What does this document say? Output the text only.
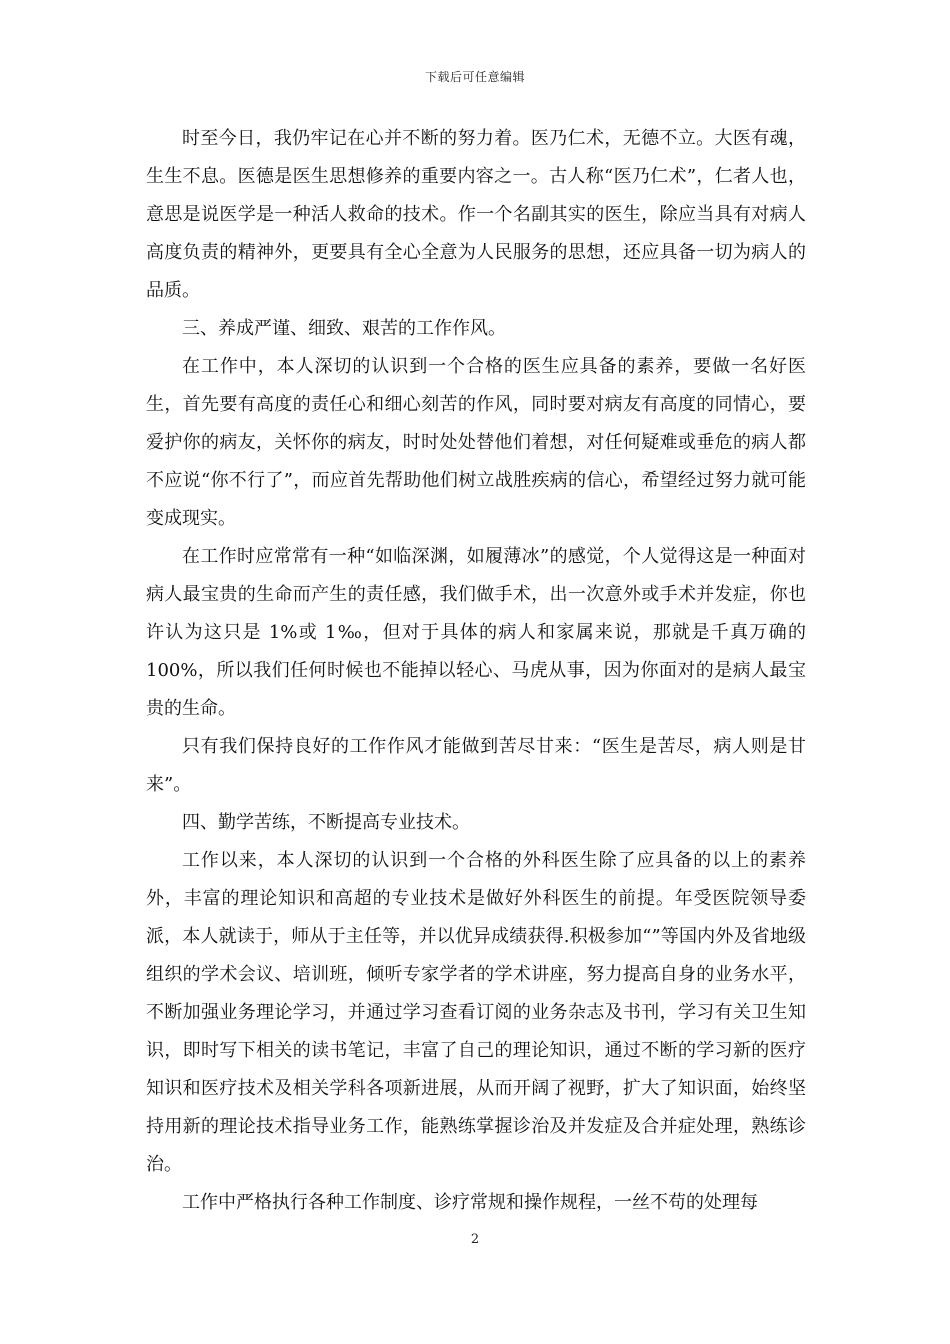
下载后可任意编辑

时至今日，我仍牢记在心并不断的努力着。医乃仁术，无德不立。大医有魂，生生不息。医德是医生思想修养的重要内容之一。古人称“医乃仁术”，仁者人也，意思是说医学是一种活人救命的技术。作一个名副其实的医生，除应当具有对病人高度负责的精神外，更要具有全心全意为人民服务的思想，还应具备一切为病人的品质。

三、养成严谨、细致、艰苦的工作作风。

在工作中，本人深切的认识到一个合格的医生应具备的素养，要做一名好医生，首先要有高度的责任心和细心刻苦的作风，同时要对病友有高度的同情心，要爱护你的病友，关怀你的病友，时时处处替他们着想，对任何疑难或垂危的病人都不应说“你不行了”，而应首先帮助他们树立战胜疾病的信心，希望经过努力就可能变成现实。

在工作时应常常有一种“如临深渊，如履薄冰”的感觉，个人觉得这是一种面对病人最宝贵的生命而产生的责任感，我们做手术，出一次意外或手术并发症，你也许认为这只是 1%或 1‰，但对于具体的病人和家属来说，那就是千真万确的 100%，所以我们任何时候也不能掉以轻心、马虎从事，因为你面对的是病人最宝贵的生命。

只有我们保持良好的工作作风才能做到苦尽甘来：“医生是苦尽，病人则是甘来”。

四、勤学苦练，不断提高专业技术。

工作以来，本人深切的认识到一个合格的外科医生除了应具备的以上的素养外，丰富的理论知识和高超的专业技术是做好外科医生的前提。年受医院领导委派，本人就读于，师从于主任等，并以优异成绩获得.积极参加“”等国内外及省地级组织的学术会议、培训班，倾听专家学者的学术讲座，努力提高自身的业务水平，不断加强业务理论学习，并通过学习查看订阅的业务杂志及书刊，学习有关卫生知识，即时写下相关的读书笔记，丰富了自己的理论知识，通过不断的学习新的医疗知识和医疗技术及相关学科各项新进展，从而开阔了视野，扩大了知识面，始终坚持用新的理论技术指导业务工作，能熟练掌握诊治及并发症及合并症处理，熟练诊治。

工作中严格执行各种工作制度、诊疗常规和操作规程，一丝不苟的处理每

2
